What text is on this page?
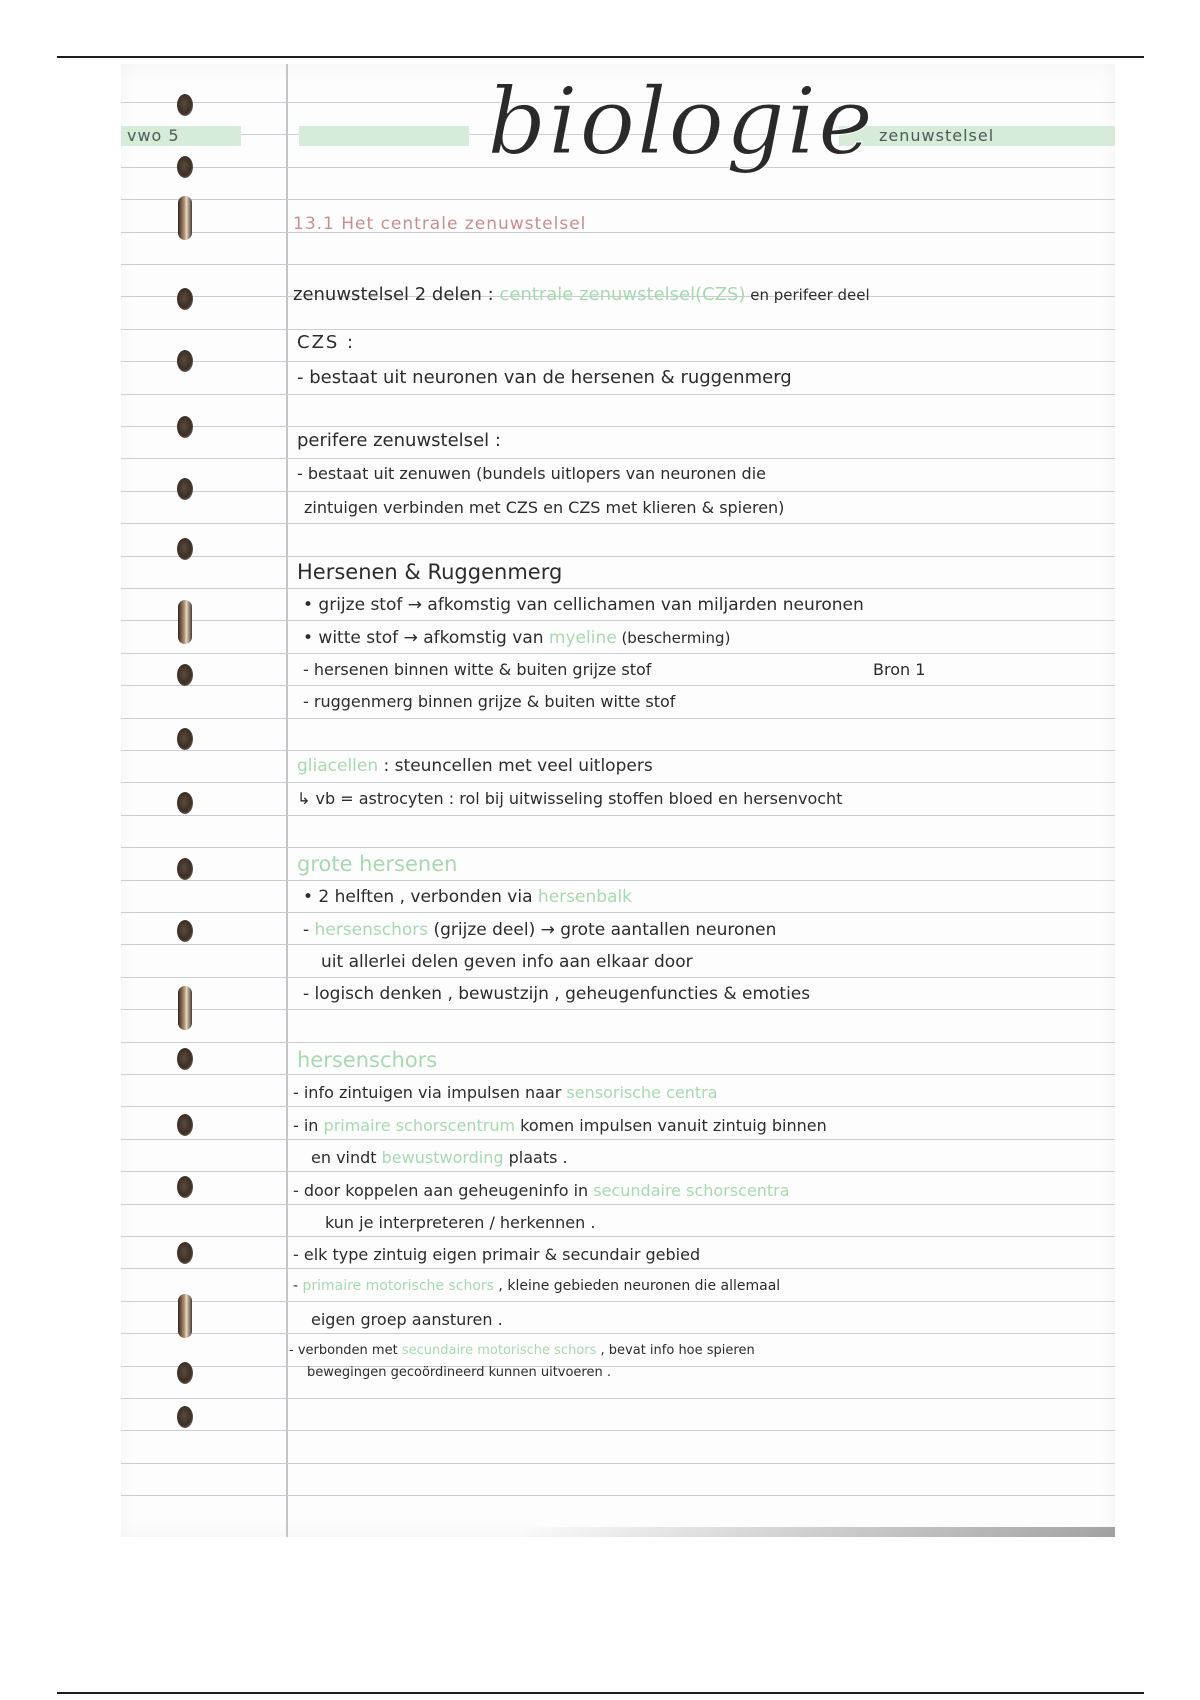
vwo 5	zenuwstelsel
biologie
13.1 Het centrale zenuwstelsel
zenuwstelsel 2 delen : centrale zenuwstelsel(CZS) en perifeer deel
CZS :
- bestaat uit neuronen van de hersenen & ruggenmerg
perifere zenuwstelsel :
- bestaat uit zenuwen (bundels uitlopers van neuronen die
zintuigen verbinden met CZS en CZS met klieren & spieren)
Hersenen & Ruggenmerg
• grijze stof → afkomstig van cellichamen van miljarden neuronen
• witte stof → afkomstig van myeline (bescherming)
- hersenen binnen witte & buiten grijze stof	Bron 1
- ruggenmerg binnen grijze & buiten witte stof
gliacellen : steuncellen met veel uitlopers
↳ vb = astrocyten : rol bij uitwisseling stoffen bloed en hersenvocht
grote hersenen
• 2 helften , verbonden via hersenbalk
- hersenschors (grijze deel) → grote aantallen neuronen
uit allerlei delen geven info aan elkaar door
- logisch denken , bewustzijn , geheugenfuncties & emoties
hersenschors
- info zintuigen via impulsen naar sensorische centra
- in primaire schorscentrum komen impulsen vanuit zintuig binnen
en vindt bewustwording plaats .
- door koppelen aan geheugeninfo in secundaire schorscentra
kun je interpreteren / herkennen .
- elk type zintuig eigen primair & secundair gebied
- primaire motorische schors , kleine gebieden neuronen die allemaal
eigen groep aansturen .
- verbonden met secundaire motorische schors , bevat info hoe spieren
bewegingen gecoördineerd kunnen uitvoeren .
